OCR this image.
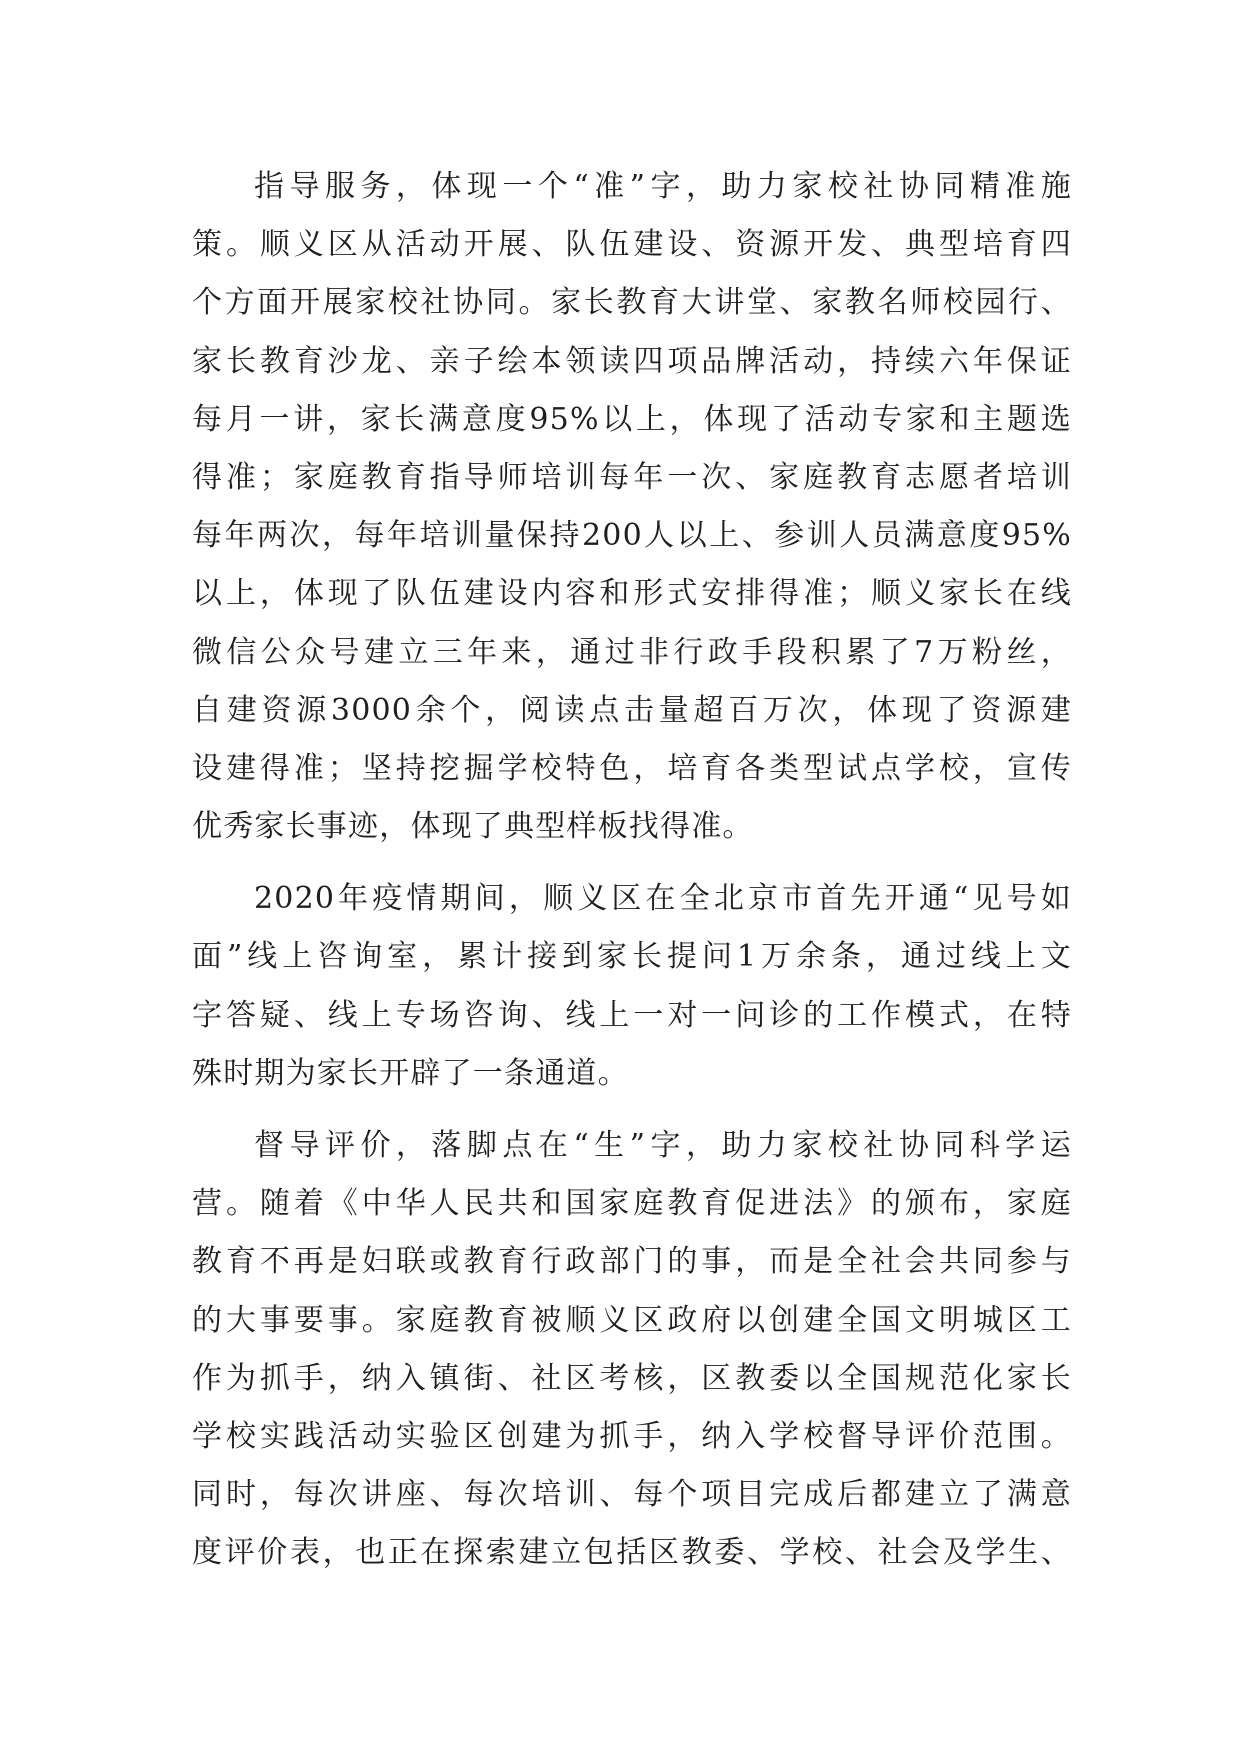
指导服务，体现一个“准”字，助力家校社协同精准施
策。顺义区从活动开展、队伍建设、资源开发、典型培育四
个方面开展家校社协同。家长教育大讲堂、家教名师校园行、
家长教育沙龙、亲子绘本领读四项品牌活动，持续六年保证
每月一讲，家长满意度95%以上，体现了活动专家和主题选
得准；家庭教育指导师培训每年一次、家庭教育志愿者培训
每年两次，每年培训量保持200人以上、参训人员满意度95%
以上，体现了队伍建设内容和形式安排得准；顺义家长在线
微信公众号建立三年来，通过非行政手段积累了7万粉丝，
自建资源3000余个，阅读点击量超百万次，体现了资源建
设建得准；坚持挖掘学校特色，培育各类型试点学校，宣传
优秀家长事迹，体现了典型样板找得准。
2020年疫情期间，顺义区在全北京市首先开通“见号如
面”线上咨询室，累计接到家长提问1万余条，通过线上文
字答疑、线上专场咨询、线上一对一问诊的工作模式，在特
殊时期为家长开辟了一条通道。
督导评价，落脚点在“生”字，助力家校社协同科学运
营。随着《中华人民共和国家庭教育促进法》的颁布，家庭
教育不再是妇联或教育行政部门的事，而是全社会共同参与
的大事要事。家庭教育被顺义区政府以创建全国文明城区工
作为抓手，纳入镇街、社区考核，区教委以全国规范化家长
学校实践活动实验区创建为抓手，纳入学校督导评价范围。
同时，每次讲座、每次培训、每个项目完成后都建立了满意
度评价表，也正在探索建立包括区教委、学校、社会及学生、
